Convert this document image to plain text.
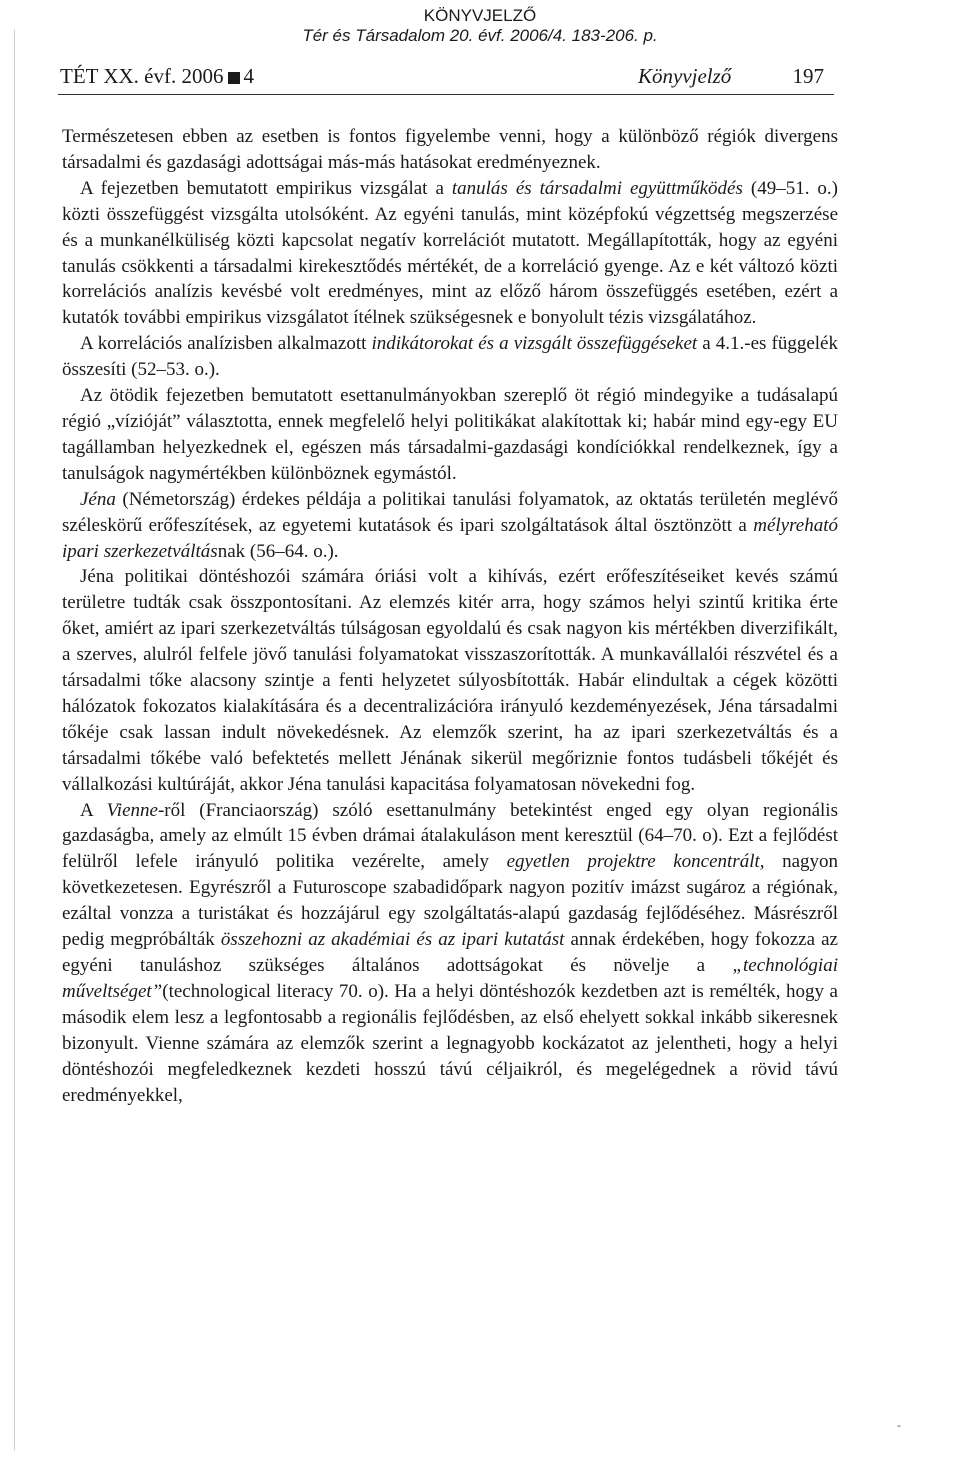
KÖNYVJELZŐ
Tér és Társadalom 20. évf. 2006/4. 183-206. p.
TÉT XX. évf. 2006 4	Könyvjelző	197

Természetesen ebben az esetben is fontos figyelembe venni, hogy a különböző régiók divergens társadalmi és gazdasági adottságai más-más hatásokat eredményeznek.

A fejezetben bemutatott empirikus vizsgálat a tanulás és társadalmi együttműködés (49–51. o.) közti összefüggést vizsgálta utolsóként. Az egyéni tanulás, mint középfokú végzettség megszerzése és a munkanélküliség közti kapcsolat negatív korrelációt mutatott. Megállapították, hogy az egyéni tanulás csökkenti a társadalmi kirekesztődés mértékét, de a korreláció gyenge. Az e két változó közti korrelációs analízis kevésbé volt eredményes, mint az előző három összefüggés esetében, ezért a kutatók további empirikus vizsgálatot ítélnek szükségesnek e bonyolult tézis vizsgálatához.

A korrelációs analízisben alkalmazott indikátorokat és a vizsgált összefüggéseket a 4.1.-es függelék összesíti (52–53. o.).

Az ötödik fejezetben bemutatott esettanulmányokban szereplő öt régió mindegyike a tudásalapú régió „vízióját” választotta, ennek megfelelő helyi politikákat alakítottak ki; habár mind egy-egy EU tagállamban helyezkednek el, egészen más társadalmi-gazdasági kondíciókkal rendelkeznek, így a tanulságok nagymértékben különböznek egymástól.

Jéna (Németország) érdekes példája a politikai tanulási folyamatok, az oktatás területén meglévő széleskörű erőfeszítések, az egyetemi kutatások és ipari szolgáltatások által ösztönzött a mélyreható ipari szerkezetváltásnak (56–64. o.).

Jéna politikai döntéshozói számára óriási volt a kihívás, ezért erőfeszítéseiket kevés számú területre tudták csak összpontosítani. Az elemzés kitér arra, hogy számos helyi szintű kritika érte őket, amiért az ipari szerkezetváltás túlságosan egyoldalú és csak nagyon kis mértékben diverzifikált, a szerves, alulról felfele jövő tanulási folyamatokat visszaszorították. A munkavállalói részvétel és a társadalmi tőke alacsony szintje a fenti helyzetet súlyosbították. Habár elindultak a cégek közötti hálózatok fokozatos kialakítására és a decentralizációra irányuló kezdeményezések, Jéna társadalmi tőkéje csak lassan indult növekedésnek. Az elemzők szerint, ha az ipari szerkezetváltás és a társadalmi tőkébe való befektetés mellett Jénának sikerül megőriznie fontos tudásbeli tőkéjét és vállalkozási kultúráját, akkor Jéna tanulási kapacitása folyamatosan növekedni fog.

A Vienne-ről (Franciaország) szóló esettanulmány betekintést enged egy olyan regionális gazdaságba, amely az elmúlt 15 évben drámai átalakuláson ment keresztül (64–70. o). Ezt a fejlődést felülről lefele irányuló politika vezérelte, amely egyetlen projektre koncentrált, nagyon következetesen. Egyrészről a Futuroscope szabadidőpark nagyon pozitív imázst sugároz a régiónak, ezáltal vonzza a turistákat és hozzájárul egy szolgáltatás-alapú gazdaság fejlődéséhez. Másrészről pedig megpróbálták összehozni az akadémiai és az ipari kutatást annak érdekében, hogy fokozza az egyéni tanuláshoz szükséges általános adottságokat és növelje a „technológiai műveltséget”(technological literacy 70. o). Ha a helyi döntéshozók kezdetben azt is remélték, hogy a második elem lesz a legfontosabb a regionális fejlődésben, az első ehelyett sokkal inkább sikeresnek bizonyult. Vienne számára az elemzők szerint a legnagyobb kockázatot az jelentheti, hogy a helyi döntéshozói megfeledkeznek kezdeti hosszú távú céljaikról, és megelégednek a rövid távú eredményekkel,

-
